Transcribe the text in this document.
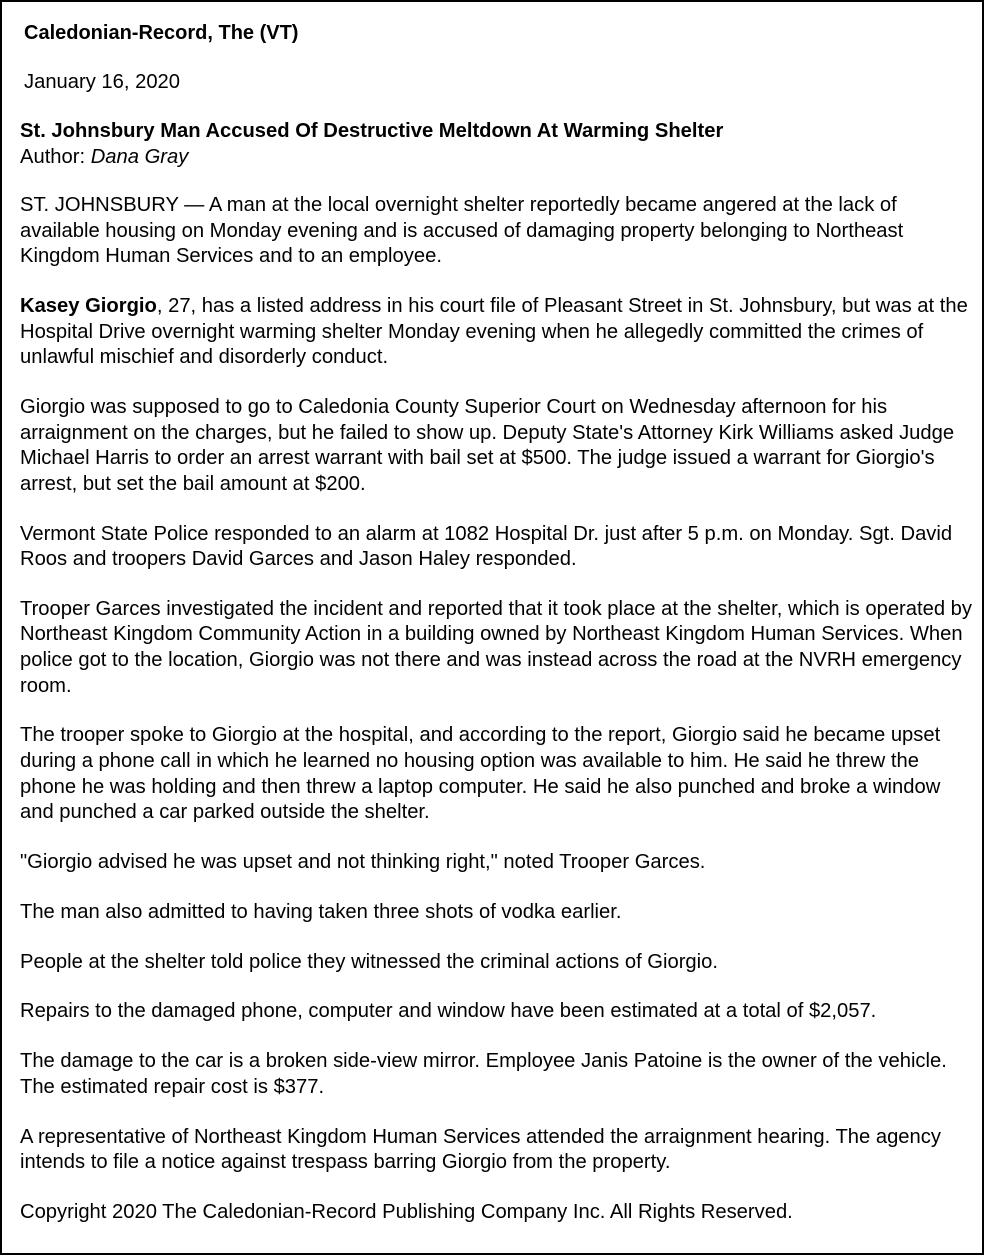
Caledonian-Record, The (VT)
January 16, 2020
St. Johnsbury Man Accused Of Destructive Meltdown At Warming Shelter
Author: Dana Gray

ST. JOHNSBURY — A man at the local overnight shelter reportedly became angered at the lack of available housing on Monday evening and is accused of damaging property belonging to Northeast Kingdom Human Services and to an employee.

Kasey Giorgio, 27, has a listed address in his court file of Pleasant Street in St. Johnsbury, but was at the Hospital Drive overnight warming shelter Monday evening when he allegedly committed the crimes of unlawful mischief and disorderly conduct.

Giorgio was supposed to go to Caledonia County Superior Court on Wednesday afternoon for his arraignment on the charges, but he failed to show up. Deputy State's Attorney Kirk Williams asked Judge Michael Harris to order an arrest warrant with bail set at $500. The judge issued a warrant for Giorgio's arrest, but set the bail amount at $200.

Vermont State Police responded to an alarm at 1082 Hospital Dr. just after 5 p.m. on Monday. Sgt. David Roos and troopers David Garces and Jason Haley responded.

Trooper Garces investigated the incident and reported that it took place at the shelter, which is operated by Northeast Kingdom Community Action in a building owned by Northeast Kingdom Human Services. When police got to the location, Giorgio was not there and was instead across the road at the NVRH emergency room.

The trooper spoke to Giorgio at the hospital, and according to the report, Giorgio said he became upset during a phone call in which he learned no housing option was available to him. He said he threw the phone he was holding and then threw a laptop computer. He said he also punched and broke a window and punched a car parked outside the shelter.

"Giorgio advised he was upset and not thinking right," noted Trooper Garces.

The man also admitted to having taken three shots of vodka earlier.

People at the shelter told police they witnessed the criminal actions of Giorgio.

Repairs to the damaged phone, computer and window have been estimated at a total of $2,057.

The damage to the car is a broken side-view mirror. Employee Janis Patoine is the owner of the vehicle. The estimated repair cost is $377.

A representative of Northeast Kingdom Human Services attended the arraignment hearing. The agency intends to file a notice against trespass barring Giorgio from the property.

Copyright 2020 The Caledonian-Record Publishing Company Inc. All Rights Reserved.
